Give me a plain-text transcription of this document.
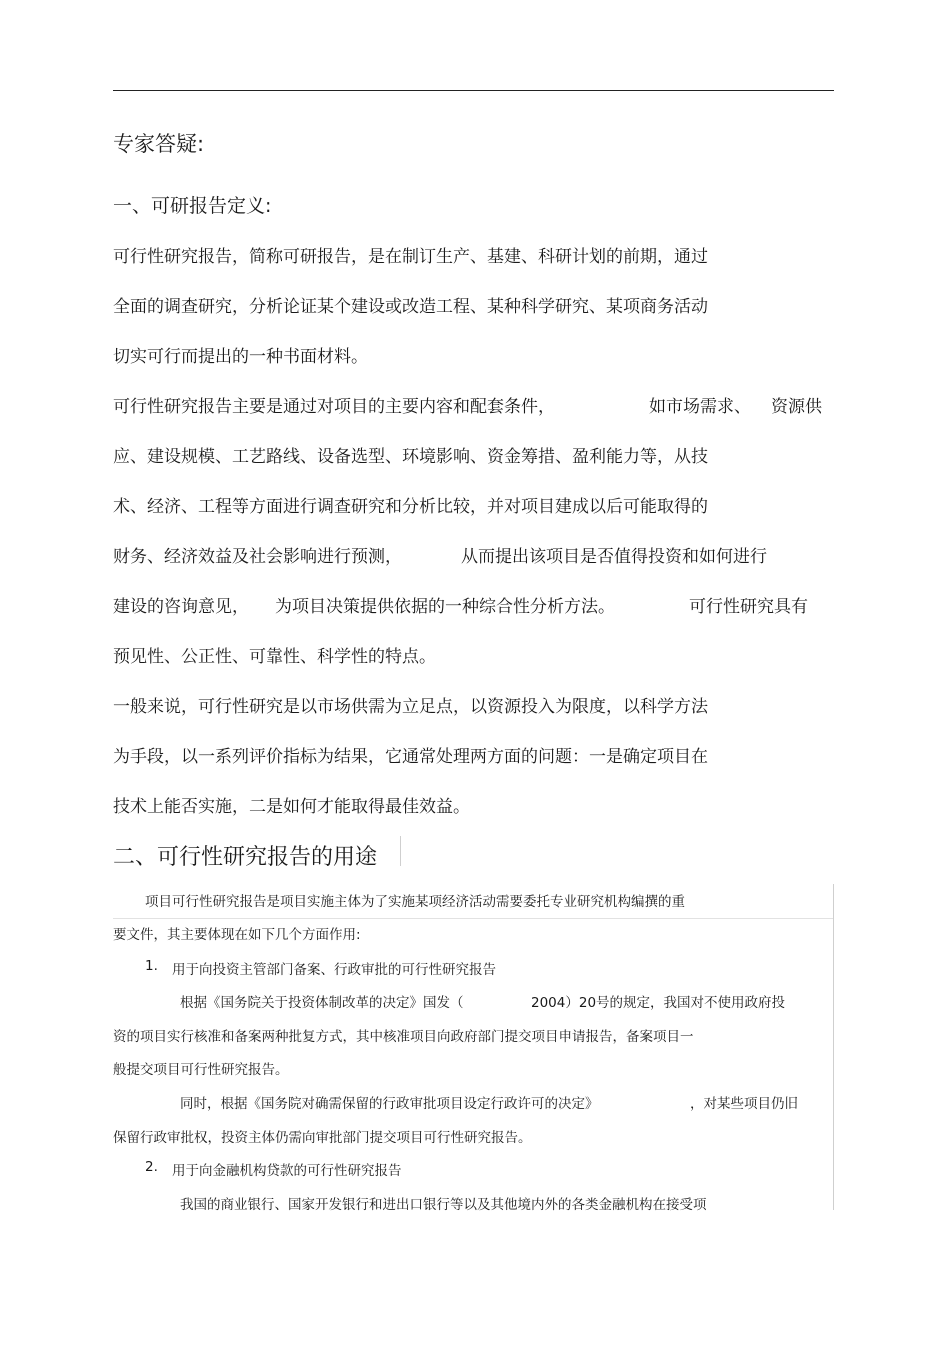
专家答疑:
一、可研报告定义:
可行性研究报告，简称可研报告，是在制订生产、基建、科研计划的前期，通过
全面的调查研究，分析论证某个建设或改造工程、某种科学研究、某项商务活动
切实可行而提出的一种书面材料。
可行性研究报告主要是通过对项目的主要内容和配套条件，	如市场需求、 资源供
应、建设规模、工艺路线、设备选型、环境影响、资金筹措、盈利能力等，从技
术、经济、工程等方面进行调查研究和分析比较，并对项目建成以后可能取得的
财务、经济效益及社会影响进行预测，	从而提出该项目是否值得投资和如何进行
建设的咨询意见， 为项目决策提供依据的一种综合性分析方法。	可行性研究具有
预见性、公正性、可靠性、科学性的特点。
一般来说，可行性研究是以市场供需为立足点，以资源投入为限度，以科学方法
为手段，以一系列评价指标为结果，它通常处理两方面的问题：一是确定项目在
技术上能否实施，二是如何才能取得最佳效益。
二、可行性研究报告的用途
项目可行性研究报告是项目实施主体为了实施某项经济活动需要委托专业研究机构编撰的重
要文件，其主要体现在如下几个方面作用:
1. 用于向投资主管部门备案、行政审批的可行性研究报告
根据《国务院关于投资体制改革的决定》国发（	2004）20号的规定，我国对不使用政府投
资的项目实行核准和备案两种批复方式，其中核准项目向政府部门提交项目申请报告，备案项目一
般提交项目可行性研究报告。
同时，根据《国务院对确需保留的行政审批项目设定行政许可的决定》	，对某些项目仍旧
保留行政审批权，投资主体仍需向审批部门提交项目可行性研究报告。
2. 用于向金融机构贷款的可行性研究报告
我国的商业银行、国家开发银行和进出口银行等以及其他境内外的各类金融机构在接受项
